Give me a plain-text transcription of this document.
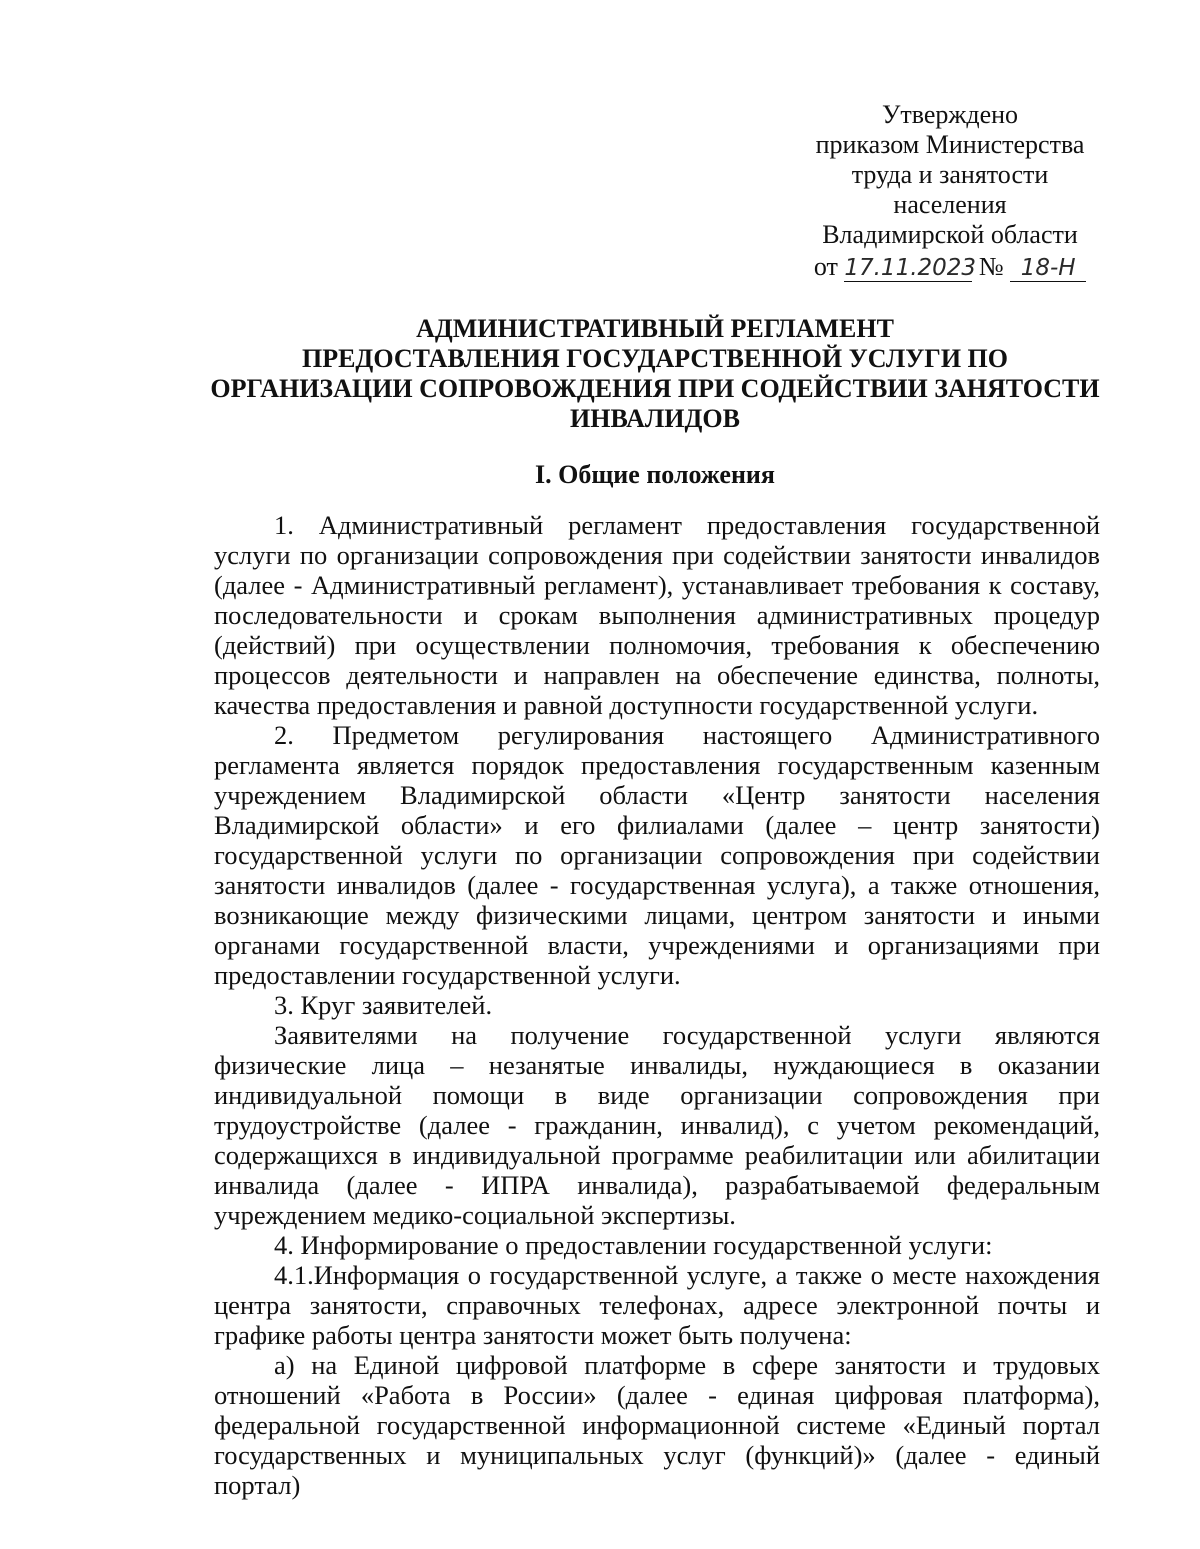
Утверждено
приказом Министерства
труда и занятости
населения
Владимирской области
от 17.11.2023 № 18-Н
АДМИНИСТРАТИВНЫЙ РЕГЛАМЕНТ
ПРЕДОСТАВЛЕНИЯ ГОСУДАРСТВЕННОЙ УСЛУГИ ПО
ОРГАНИЗАЦИИ СОПРОВОЖДЕНИЯ ПРИ СОДЕЙСТВИИ ЗАНЯТОСТИ
ИНВАЛИДОВ
I. Общие положения

1. Административный регламент предоставления государственной услуги по организации сопровождения при содействии занятости инвалидов (далее - Административный регламент), устанавливает требования к составу, последовательности и срокам выполнения административных процедур (действий) при осуществлении полномочия, требования к обеспечению процессов деятельности и направлен на обеспечение единства, полноты, качества предоставления и равной доступности государственной услуги.

2. Предметом регулирования настоящего Административного регламента является порядок предоставления государственным казенным учреждением Владимирской области «Центр занятости населения Владимирской области» и его филиалами (далее – центр занятости) государственной услуги по организации сопровождения при содействии занятости инвалидов (далее - государственная услуга), а также отношения, возникающие между физическими лицами, центром занятости и иными органами государственной власти, учреждениями и организациями при предоставлении государственной услуги.

3. Круг заявителей.

Заявителями на получение государственной услуги являются физические лица – незанятые инвалиды, нуждающиеся в оказании индивидуальной помощи в виде организации сопровождения при трудоустройстве (далее - гражданин, инвалид), с учетом рекомендаций, содержащихся в индивидуальной программе реабилитации или абилитации инвалида (далее - ИПРА инвалида), разрабатываемой федеральным учреждением медико-социальной экспертизы.

4. Информирование о предоставлении государственной услуги:

4.1.Информация о государственной услуге, а также о месте нахождения центра занятости, справочных телефонах, адресе электронной почты и графике работы центра занятости может быть получена:

а) на Единой цифровой платформе в сфере занятости и трудовых отношений «Работа в России» (далее - единая цифровая платформа), федеральной государственной информационной системе «Единый портал государственных и муниципальных услуг (функций)» (далее - единый портал)
